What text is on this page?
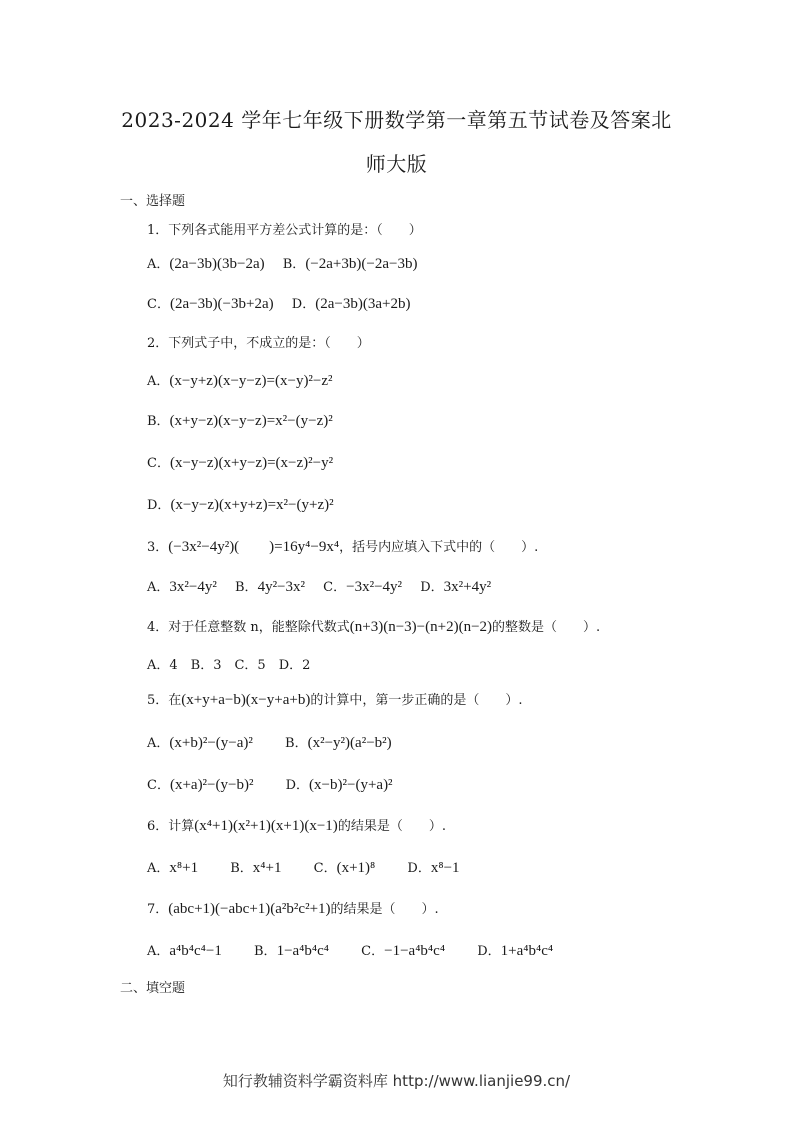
2023-2024 学年七年级下册数学第一章第五节试卷及答案北
师大版
一、选择题
1．下列各式能用平方差公式计算的是：（　　）
A．(2a−3b)(3b−2a) B．(−2a+3b)(−2a−3b)
C．(2a−3b)(−3b+2a) D．(2a−3b)(3a+2b)
2．下列式子中，不成立的是：（　　）
A．(x−y+z)(x−y−z)=(x−y)²−z²
B．(x+y−z)(x−y−z)=x²−(y−z)²
C．(x−y−z)(x+y−z)=(x−z)²−y²
D．(x−y−z)(x+y+z)=x²−(y+z)²
3．(−3x²−4y²)(　　)=16y⁴−9x⁴，括号内应填入下式中的（　　）.
A．3x²−4y² B．4y²−3x² C．−3x²−4y² D．3x²+4y²
4．对于任意整数 n，能整除代数式(n+3)(n−3)−(n+2)(n−2)的整数是（　　）.
A．4　B．3　C．5　D．2
5．在(x+y+a−b)(x−y+a+b)的计算中，第一步正确的是（　　）.
A．(x+b)²−(y−a)² B．(x²−y²)(a²−b²)
C．(x+a)²−(y−b)² D．(x−b)²−(y+a)²
6．计算(x⁴+1)(x²+1)(x+1)(x−1)的结果是（　　）.
A．x⁸+1 B．x⁴+1 C．(x+1)⁸ D．x⁸−1
7．(abc+1)(−abc+1)(a²b²c²+1)的结果是（　　）.
A．a⁴b⁴c⁴−1 B．1−a⁴b⁴c⁴ C．−1−a⁴b⁴c⁴ D．1+a⁴b⁴c⁴
二、填空题
知行教辅资料学霸资料库 http://www.lianjie99.cn/
